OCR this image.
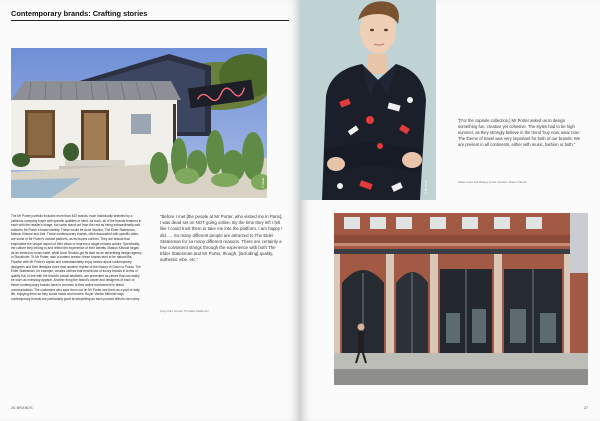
Contemporary brands: Crafting stories
© Studio
The Mr Porter portfolio includes more than 400 brands, each individually selected by a judicious company buyer with specific qualities in mind. As such, all of the brands featured in each with the retailer's image, but some stand out from the rest as being extraordinarily well suited to Mr Porter's brand identity. These would be Acne Studios, The Elder Statesman, Maison Kitsune and Ami. These contemporary brands, often associated with specific cities, are some of Mr Porter's closest partners, as its buyers confirm. They are brands that emphasise the unique aspect of their ethos or express a single-minded culture. Specifically, the culture they belong to and reflect the experience of their identity. Maison Kitsune began as an electronic music label, while Acne Studios got its start as an advertising design agency in Stockholm. To Mr Porter, also a content creator, these brands tend to be natural fits. Fixation with Mr Porter's stylish and understandably enjoy stories about contemporary designers and their lifestyles more than another reprise of the history of Gucci or Prada. The Elder Statesman, for example, creates clothes that treat those of luxury brands in terms of quality but, in line with the brand's casual aesthetic, are presented as pieces that can easily be worn as everyday apparel. Another thing the brand's owner and designers of each of these contemporary brands have in common is their active involvement in brand communication. The customers who save them out on Mr Porter see them as a part of daily life, enjoying them as they would music and movies. Buyer Vanish Mehmet says contemporary brands are particularly good at storytelling as each product tells its own story.
“Before I met [the people at Mr Porter, who visited me in Paris], I was dead set on NOT going online. By the time they left I felt like I could trust them to take me into the platform. I am happy I did. … So many different people are attracted to The Elder Statesman for so many different reasons. There are certainly a few consistent strings through the experience with both The Elder Statesman and Mr Porter, though, [including] quality, authentic vibe, etc.”
Greg Chait, founder, The Elder Statesman
26 BRANDS
© Mr Porter
“[For the capsule collection,] Mr Porter asked us to design something fun, creative yet cohesive. The styles had to be high summer, as they strongly believe in the trend ‘buy now, wear now.’ The theme of travel was very important for both of our brands: We are present in all continents, either with music, fashion or both.”
Gildas Loaec and Masaya Kuroki, founders, Maison Kitsune
27
